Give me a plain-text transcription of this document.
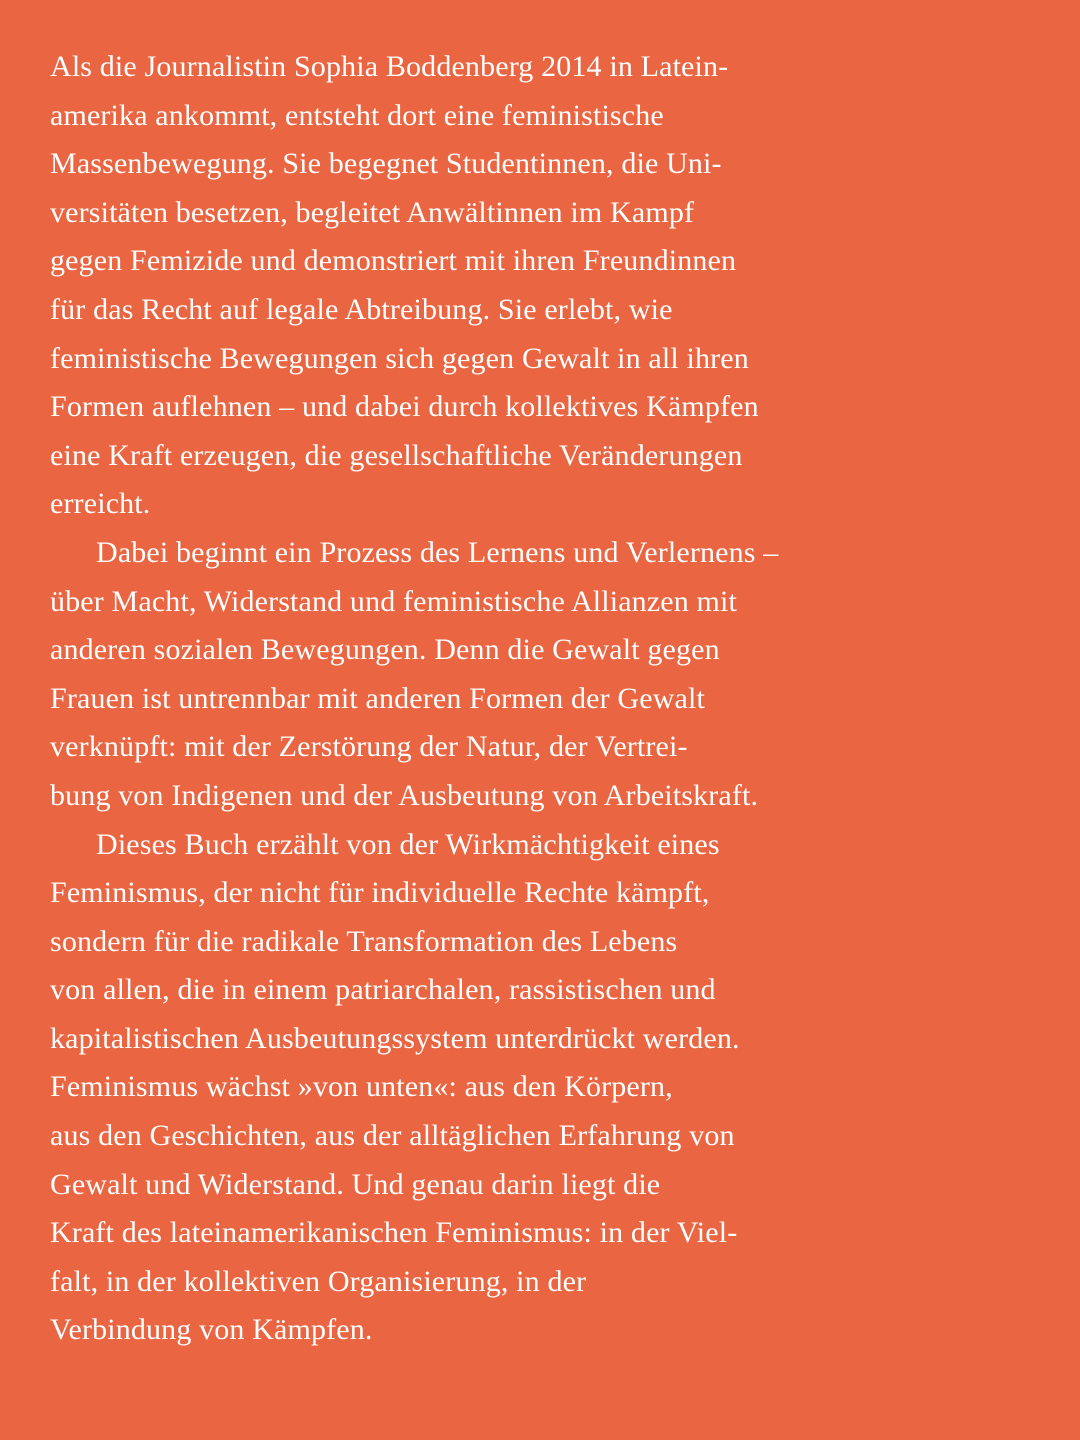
Als die Journalistin Sophia Boddenberg 2014 in Latein-
amerika ankommt, entsteht dort eine feministische
Massenbewegung. Sie begegnet Studentinnen, die Uni-
versitäten besetzen, begleitet Anwältinnen im Kampf
gegen Femizide und demonstriert mit ihren Freundinnen
für das Recht auf legale Abtreibung. Sie erlebt, wie
feministische Bewegungen sich gegen Gewalt in all ihren
Formen auflehnen – und dabei durch kollektives Kämpfen
eine Kraft erzeugen, die gesellschaftliche Veränderungen
erreicht.
Dabei beginnt ein Prozess des Lernens und Verlernens –
über Macht, Widerstand und feministische Allianzen mit
anderen sozialen Bewegungen. Denn die Gewalt gegen
Frauen ist untrennbar mit anderen Formen der Gewalt
verknüpft: mit der Zerstörung der Natur, der Vertrei-
bung von Indigenen und der Ausbeutung von Arbeitskraft.
Dieses Buch erzählt von der Wirkmächtigkeit eines
Feminismus, der nicht für individuelle Rechte kämpft,
sondern für die radikale Transformation des Lebens
von allen, die in einem patriarchalen, rassistischen und
kapitalistischen Ausbeutungssystem unterdrückt werden.
Feminismus wächst »von unten«: aus den Körpern,
aus den Geschichten, aus der alltäglichen Erfahrung von
Gewalt und Widerstand. Und genau darin liegt die
Kraft des lateinamerikanischen Feminismus: in der Viel-
falt, in der kollektiven Organisierung, in der
Verbindung von Kämpfen.
